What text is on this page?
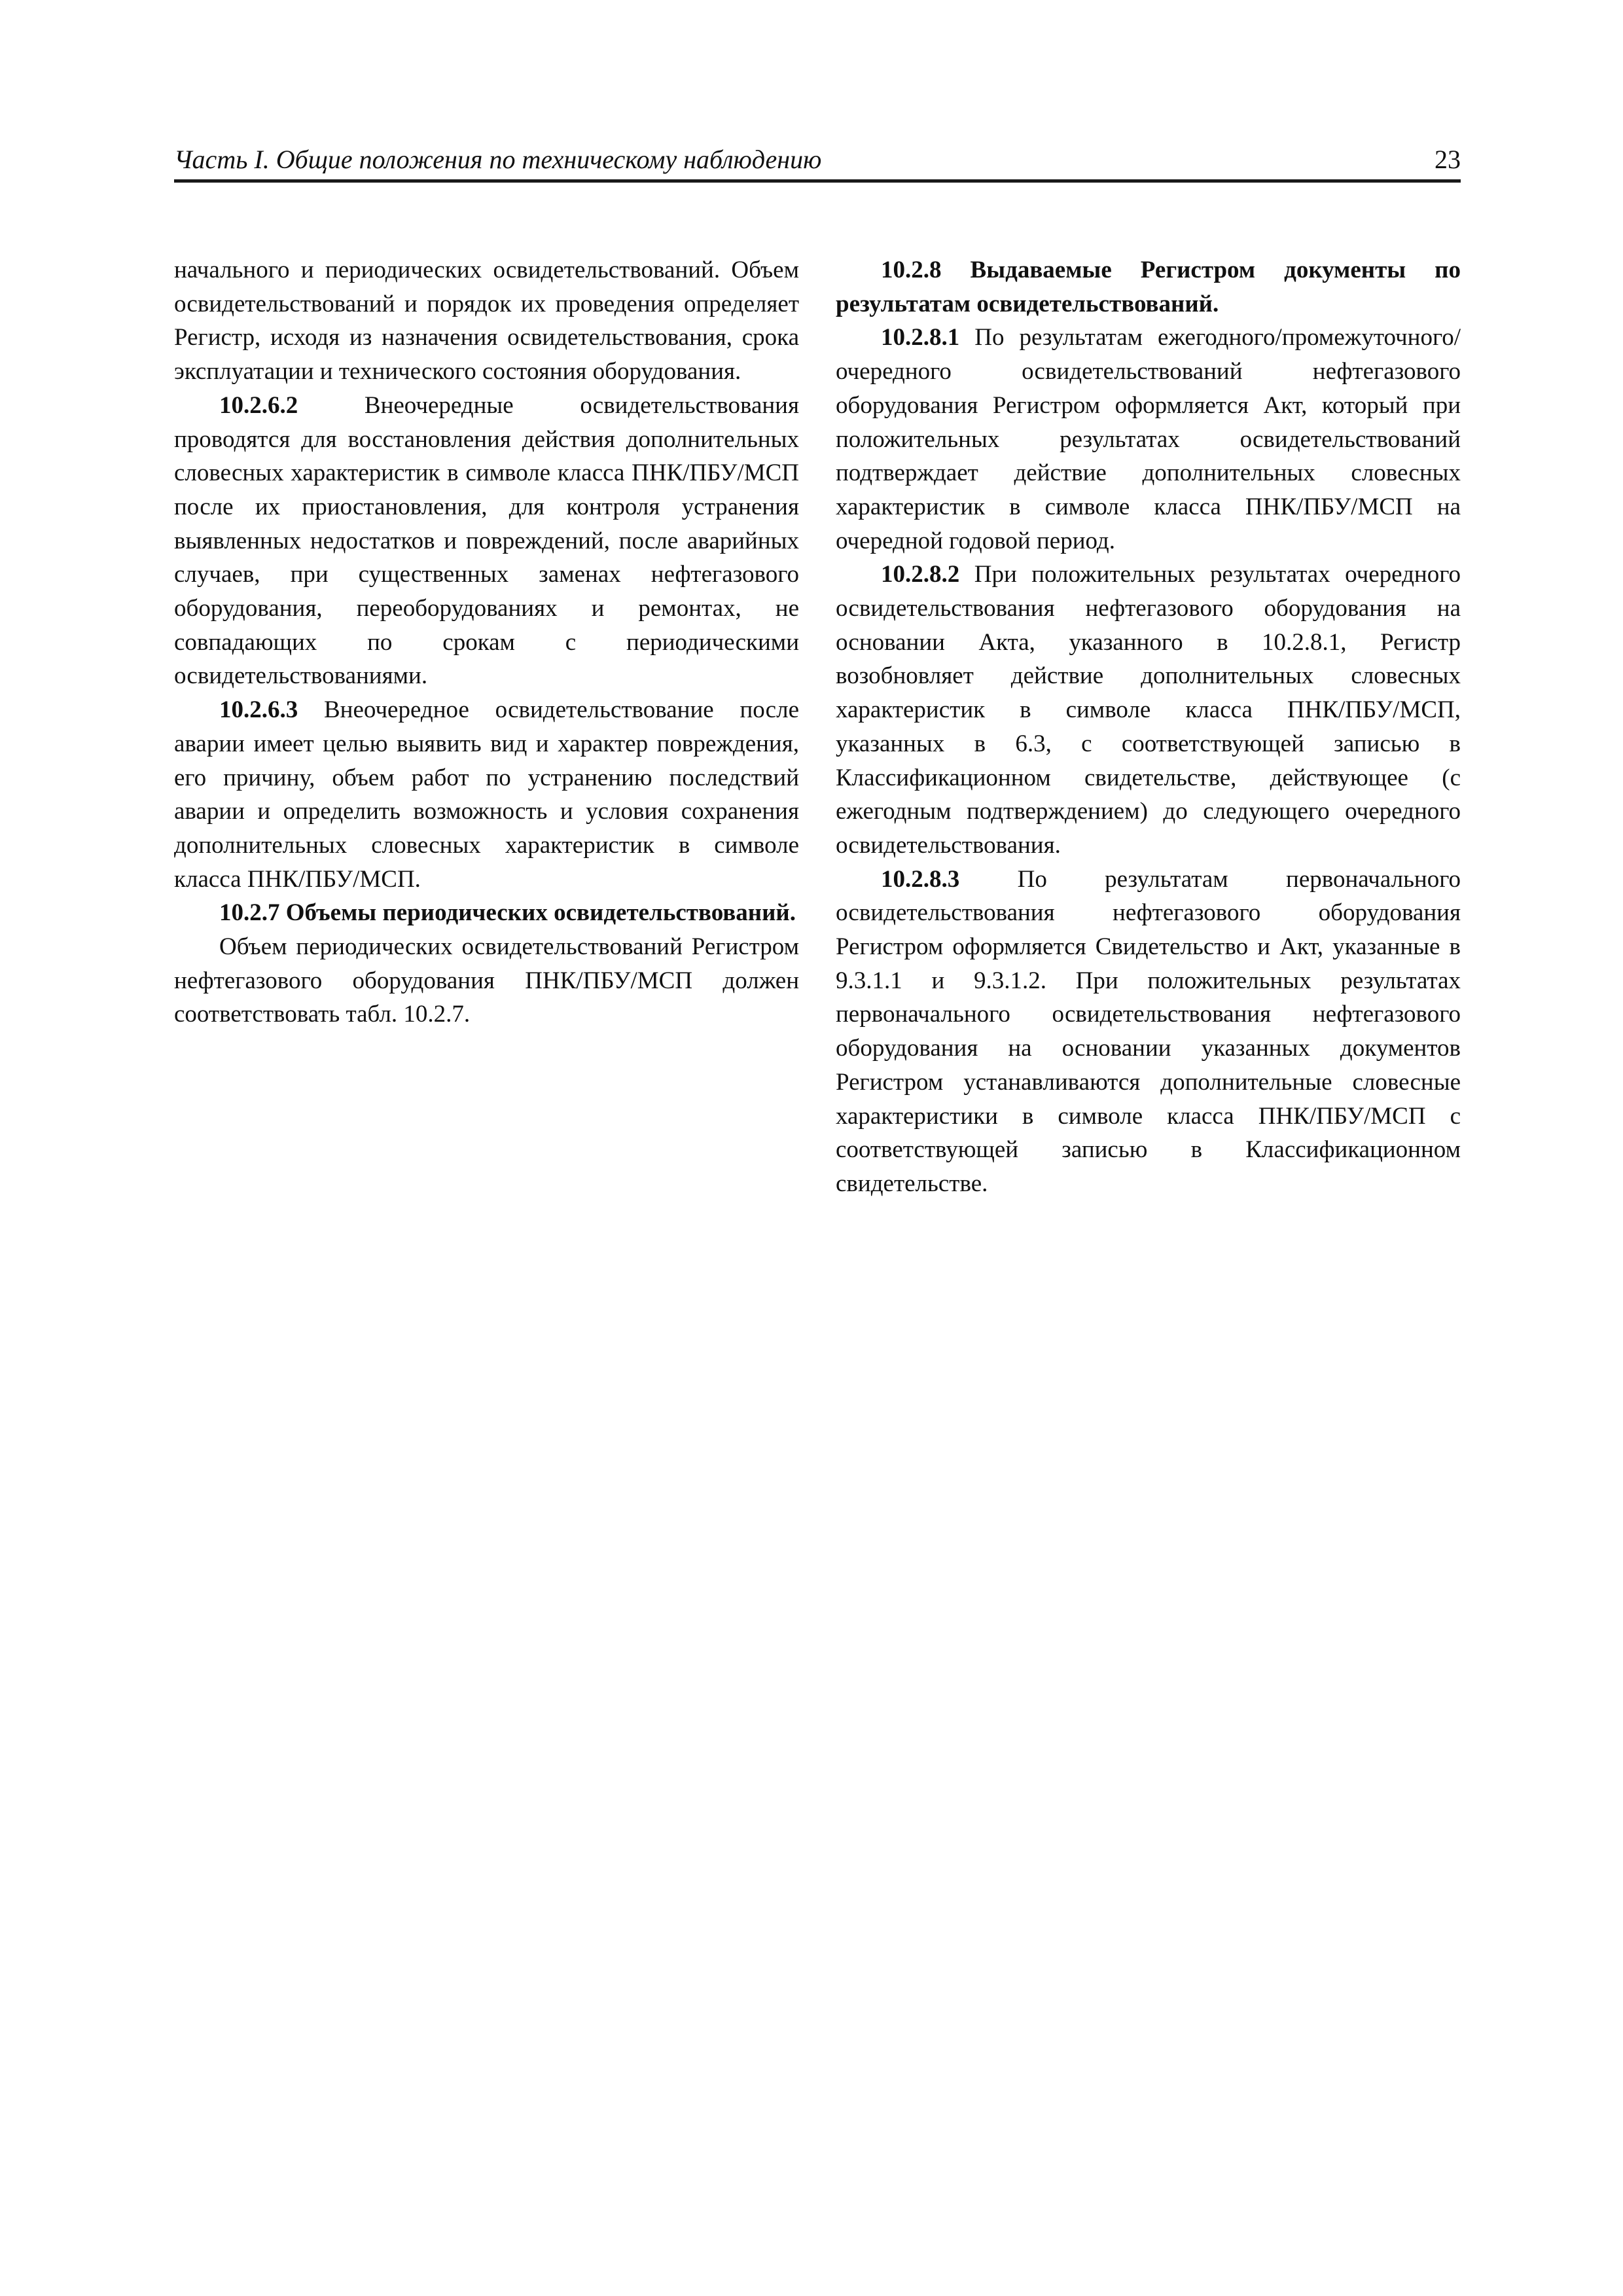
Часть I. Общие положения по техническому наблюдению	23

начального и периодических освидетельствований. Объем освидетельствований и порядок их проведения определяет Регистр, исходя из назначения освидетельствования, срока эксплуатации и технического состояния оборудования.

10.2.6.2 Внеочередные освидетельствования проводятся для восстановления действия дополнительных словесных характеристик в символе класса ПНК/ПБУ/МСП после их приостановления, для контроля устранения выявленных недостатков и повреждений, после аварийных случаев, при существенных заменах нефтегазового оборудования, переоборудованиях и ремонтах, не совпадающих по срокам с периодическими освидетельствованиями.

10.2.6.3 Внеочередное освидетельствование после аварии имеет целью выявить вид и характер повреждения, его причину, объем работ по устранению последствий аварии и определить возможность и условия сохранения дополнительных словесных характеристик в символе класса ПНК/ПБУ/МСП.

10.2.7 Объемы периодических освидетельствований.

Объем периодических освидетельствований Регистром нефтегазового оборудования ПНК/ПБУ/МСП должен соответствовать табл. 10.2.7.

10.2.8 Выдаваемые Регистром документы по результатам освидетельствований.

10.2.8.1 По результатам ежегодного/промежуточного/очередного освидетельствований нефтегазового оборудования Регистром оформляется Акт, который при положительных результатах освидетельствований подтверждает действие дополнительных словесных характеристик в символе класса ПНК/ПБУ/МСП на очередной годовой период.

10.2.8.2 При положительных результатах очередного освидетельствования нефтегазового оборудования на основании Акта, указанного в 10.2.8.1, Регистр возобновляет действие дополнительных словесных характеристик в символе класса ПНК/ПБУ/МСП, указанных в 6.3, с соответствующей записью в Классификационном свидетельстве, действующее (с ежегодным подтверждением) до следующего очередного освидетельствования.

10.2.8.3 По результатам первоначального освидетельствования нефтегазового оборудования Регистром оформляется Свидетельство и Акт, указанные в 9.3.1.1 и 9.3.1.2. При положительных результатах первоначального освидетельствования нефтегазового оборудования на основании указанных документов Регистром устанавливаются дополнительные словесные характеристики в символе класса ПНК/ПБУ/МСП с соответствующей записью в Классификационном свидетельстве.
